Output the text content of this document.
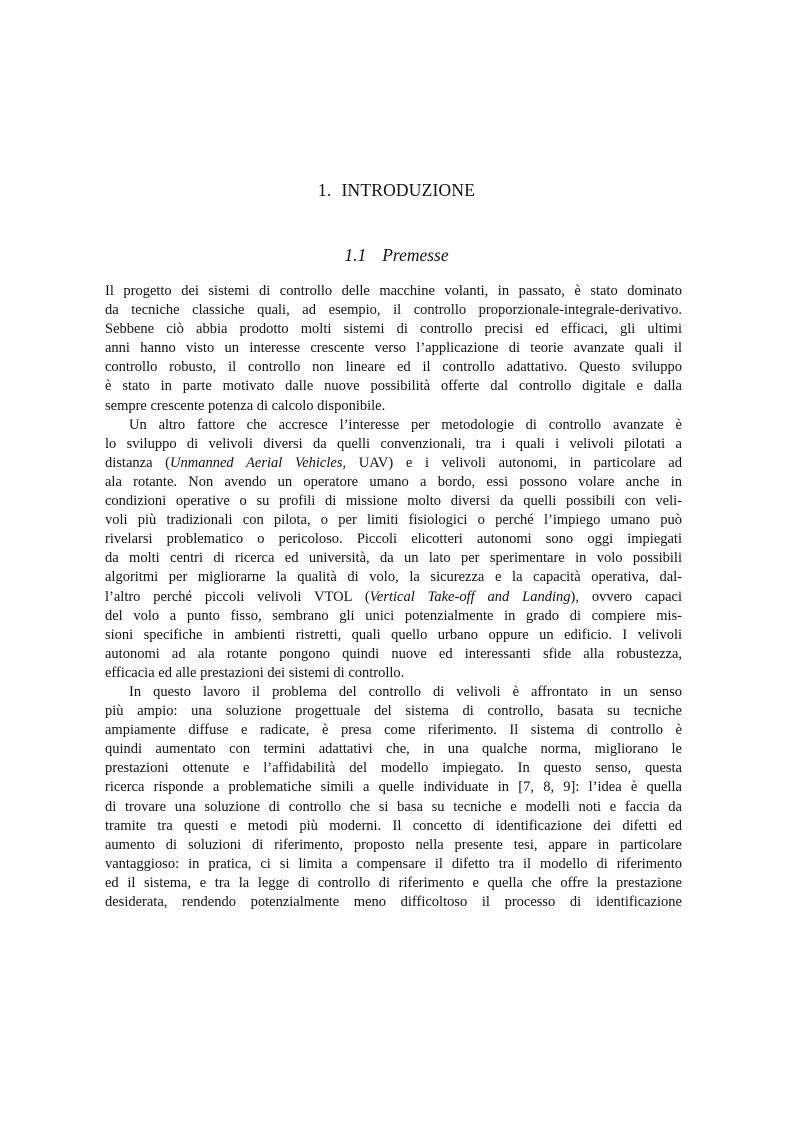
1. INTRODUZIONE
1.1 Premesse

Il progetto dei sistemi di controllo delle macchine volanti, in passato, è stato dominato
da tecniche classiche quali, ad esempio, il controllo proporzionale-integrale-derivativo.
Sebbene ciò abbia prodotto molti sistemi di controllo precisi ed efficaci, gli ultimi
anni hanno visto un interesse crescente verso l’applicazione di teorie avanzate quali il
controllo robusto, il controllo non lineare ed il controllo adattativo. Questo sviluppo
è stato in parte motivato dalle nuove possibilità offerte dal controllo digitale e dalla
sempre crescente potenza di calcolo disponibile.

Un altro fattore che accresce l’interesse per metodologie di controllo avanzate è
lo sviluppo di velivoli diversi da quelli convenzionali, tra i quali i velivoli pilotati a
distanza (Unmanned Aerial Vehicles, UAV) e i velivoli autonomi, in particolare ad
ala rotante. Non avendo un operatore umano a bordo, essi possono volare anche in
condizioni operative o su profili di missione molto diversi da quelli possibili con veli-
voli più tradizionali con pilota, o per limiti fisiologici o perché l’impiego umano può
rivelarsi problematico o pericoloso. Piccoli elicotteri autonomi sono oggi impiegati
da molti centri di ricerca ed università, da un lato per sperimentare in volo possibili
algoritmi per migliorarne la qualità di volo, la sicurezza e la capacità operativa, dal-
l’altro perché piccoli velivoli VTOL (Vertical Take-off and Landing), ovvero capaci
del volo a punto fisso, sembrano gli unici potenzialmente in grado di compiere mis-
sioni specifiche in ambienti ristretti, quali quello urbano oppure un edificio. I velivoli
autonomi ad ala rotante pongono quindi nuove ed interessanti sfide alla robustezza,
efficacia ed alle prestazioni dei sistemi di controllo.

In questo lavoro il problema del controllo di velivoli è affrontato in un senso
più ampio: una soluzione progettuale del sistema di controllo, basata su tecniche
ampiamente diffuse e radicate, è presa come riferimento. Il sistema di controllo è
quindi aumentato con termini adattativi che, in una qualche norma, migliorano le
prestazioni ottenute e l’affidabilità del modello impiegato. In questo senso, questa
ricerca risponde a problematiche simili a quelle individuate in [7, 8, 9]: l’idea è quella
di trovare una soluzione di controllo che si basa su tecniche e modelli noti e faccia da
tramite tra questi e metodi più moderni. Il concetto di identificazione dei difetti ed
aumento di soluzioni di riferimento, proposto nella presente tesi, appare in particolare
vantaggioso: in pratica, ci si limita a compensare il difetto tra il modello di riferimento
ed il sistema, e tra la legge di controllo di riferimento e quella che offre la prestazione
desiderata, rendendo potenzialmente meno difficoltoso il processo di identificazione
